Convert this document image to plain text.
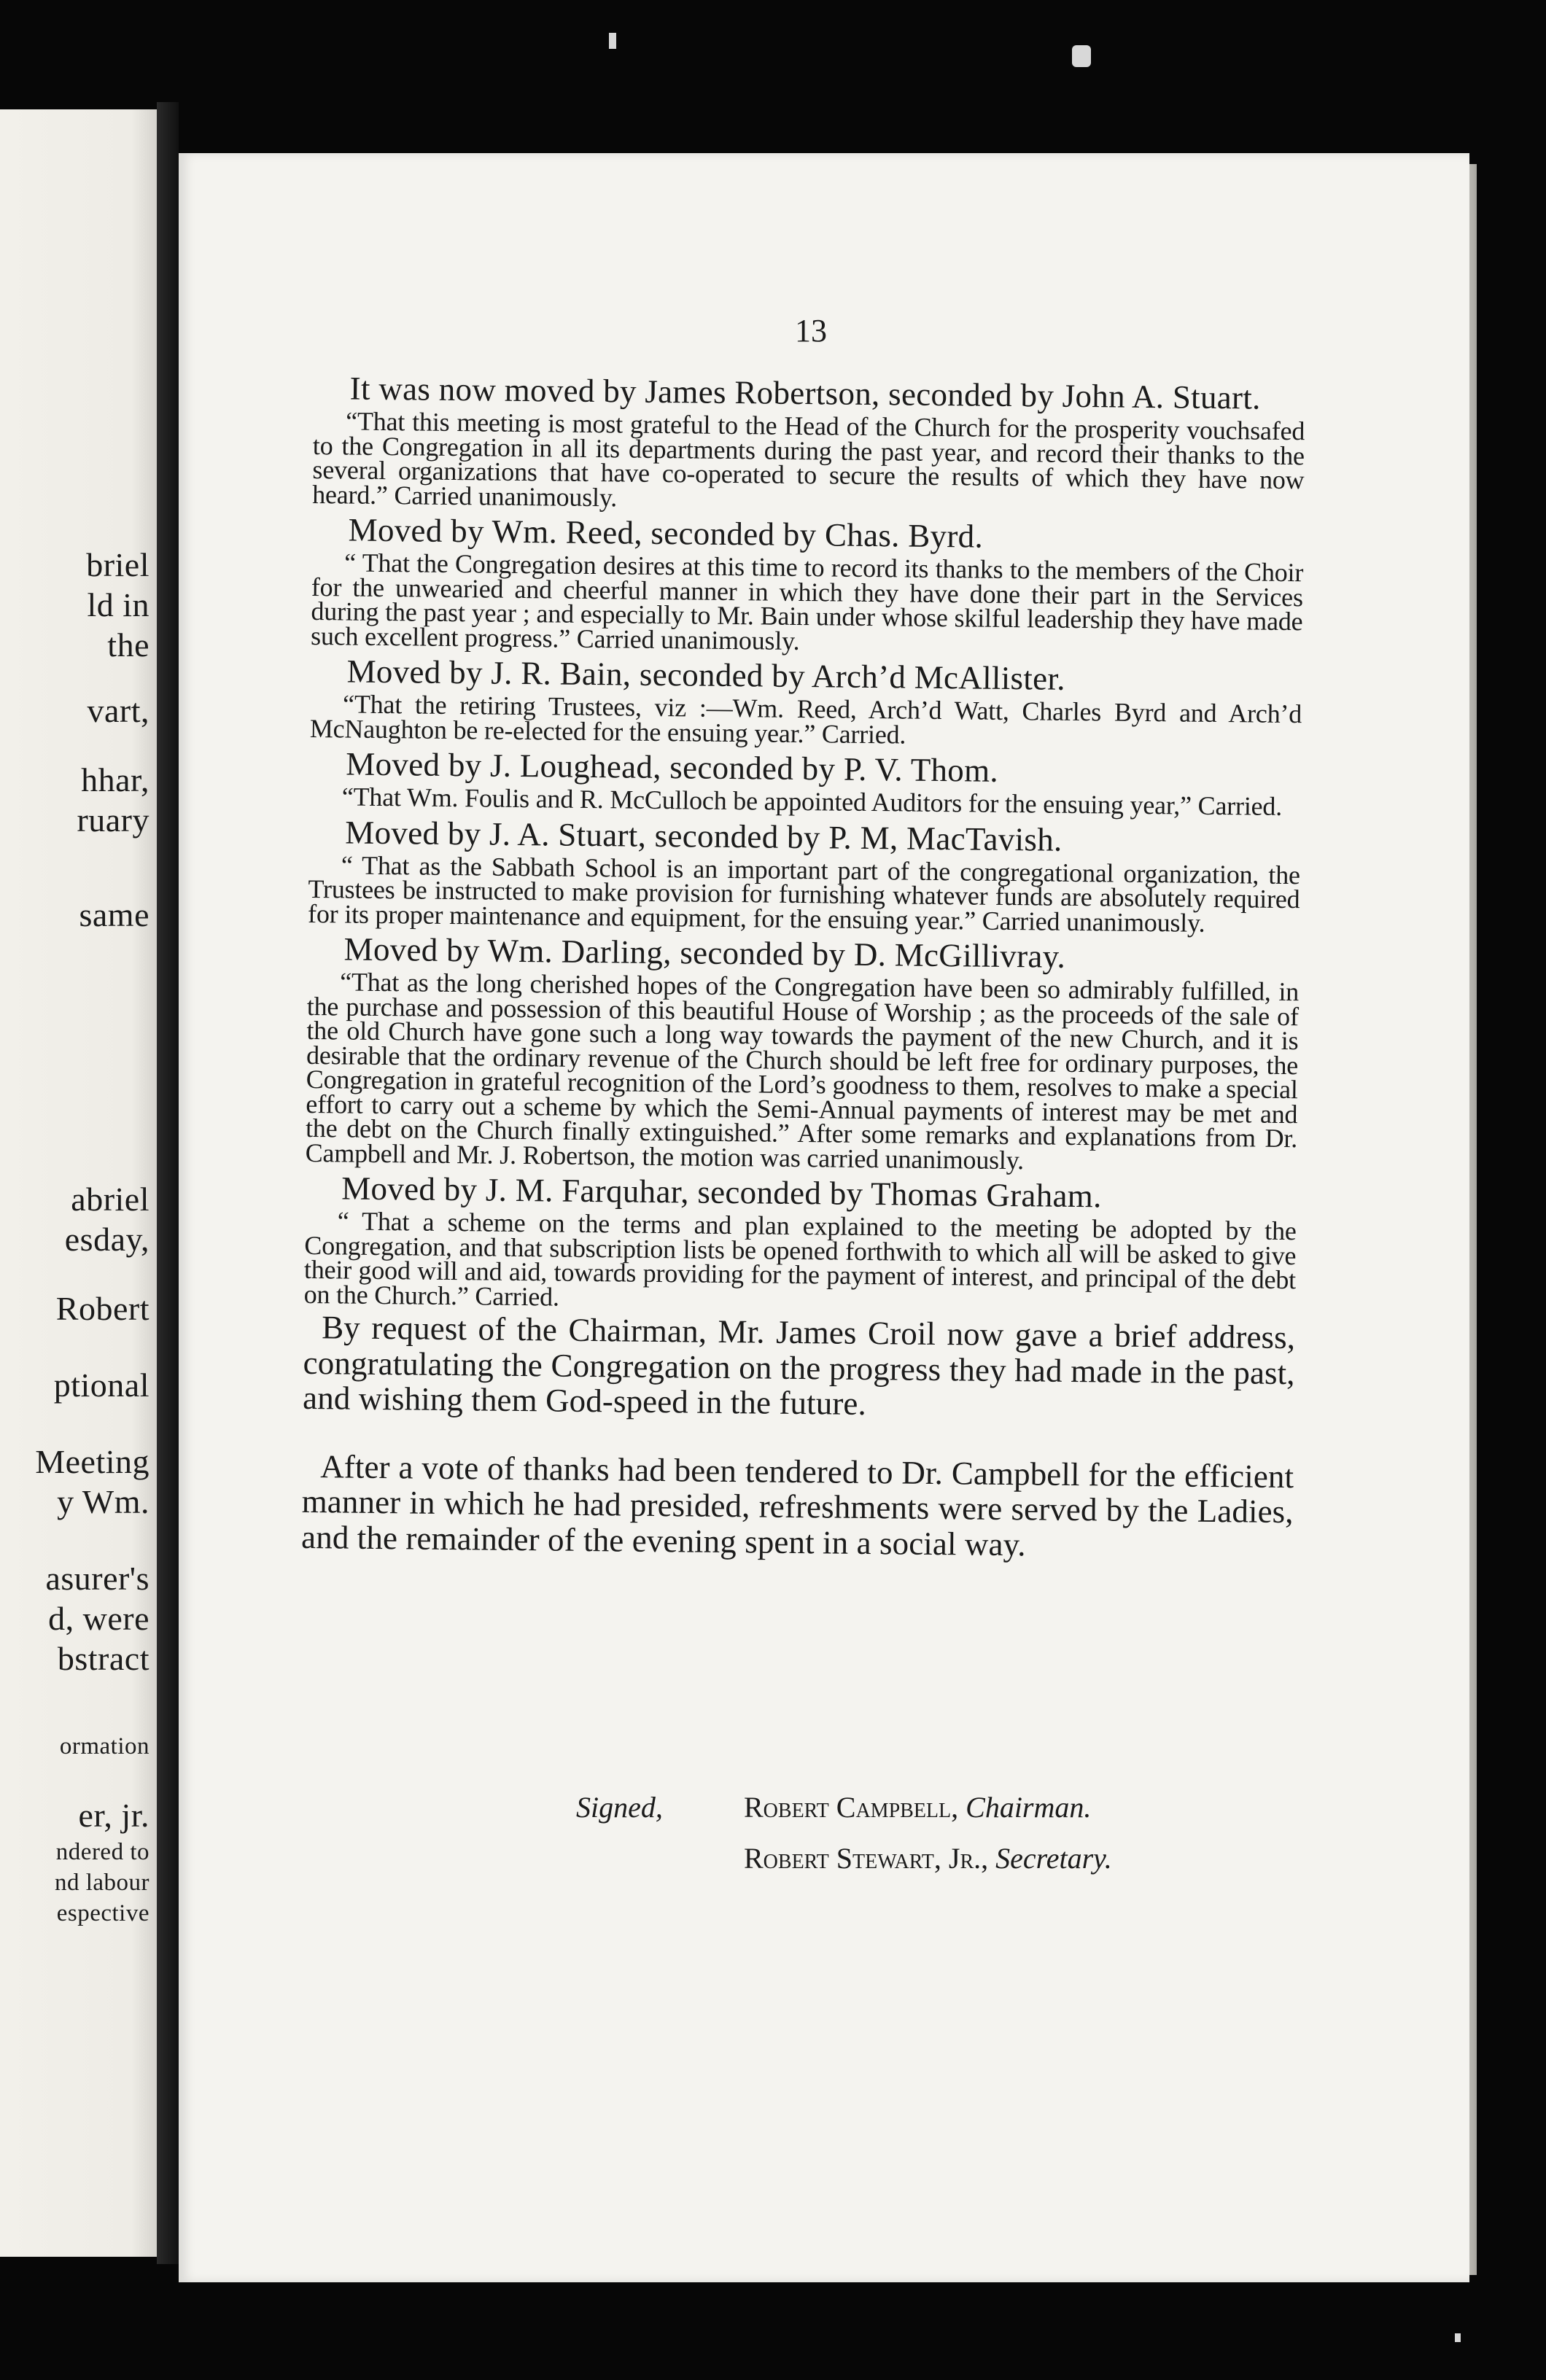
briel
ld in
the
vart,
hhar,
ruary
same
abriel
esday,
Robert
ptional
Meeting
y Wm.
asurer's
d, were
bstract
ormation
er, jr.
ndered to
nd labour
espective
13
It was now moved by James Robertson, seconded by John A. Stuart.

“That this meeting is most grateful to the Head of the Church for the prosperity vouchsafed to the Congregation in all its departments during the past year, and record their thanks to the several organizations that have co-operated to secure the results of which they have now heard.” Carried unanimously.

Moved by Wm. Reed, seconded by Chas. Byrd.

“ That the Congregation desires at this time to record its thanks to the members of the Choir for the unwearied and cheerful manner in which they have done their part in the Services during the past year ; and especially to Mr. Bain under whose skilful leadership they have made such excellent progress.” Carried unanimously.

Moved by J. R. Bain, seconded by Arch’d McAllister.

“That the retiring Trustees, viz :—Wm. Reed, Arch’d Watt, Charles Byrd and Arch’d McNaughton be re-elected for the ensuing year.” Carried.

Moved by J. Loughead, seconded by P. V. Thom.

“That Wm. Foulis and R. McCulloch be appointed Auditors for the ensuing year,” Carried.

Moved by J. A. Stuart, seconded by P. M, MacTavish.

“ That as the Sabbath School is an important part of the congregational organization, the Trustees be instructed to make provision for furnishing whatever funds are absolutely required for its proper maintenance and equipment, for the ensuing year.” Carried unanimously.

Moved by Wm. Darling, seconded by D. McGillivray.

“That as the long cherished hopes of the Congregation have been so admirably fulfilled, in the purchase and possession of this beautiful House of Worship ; as the proceeds of the sale of the old Church have gone such a long way towards the payment of the new Church, and it is desirable that the ordinary revenue of the Church should be left free for ordinary purposes, the Congregation in grateful recognition of the Lord’s goodness to them, resolves to make a special effort to carry out a scheme by which the Semi-Annual payments of interest may be met and the debt on the Church finally extinguished.” After some remarks and explanations from Dr. Campbell and Mr. J. Robertson, the motion was carried unanimously.

Moved by J. M. Farquhar, seconded by Thomas Graham.

“ That a scheme on the terms and plan explained to the meeting be adopted by the Congregation, and that subscription lists be opened forthwith to which all will be asked to give their good will and aid, towards providing for the payment of interest, and principal of the debt on the Church.” Carried.

By request of the Chairman, Mr. James Croil now gave a brief address, congratulating the Congregation on the progress they had made in the past, and wishing them God-speed in the future.

After a vote of thanks had been tendered to Dr. Campbell for the efficient manner in which he had presided, refreshments were served by the Ladies, and the remainder of the evening spent in a social way.

Signed,	Robert Campbell, Chairman.
Robert Stewart, Jr., Secretary.
